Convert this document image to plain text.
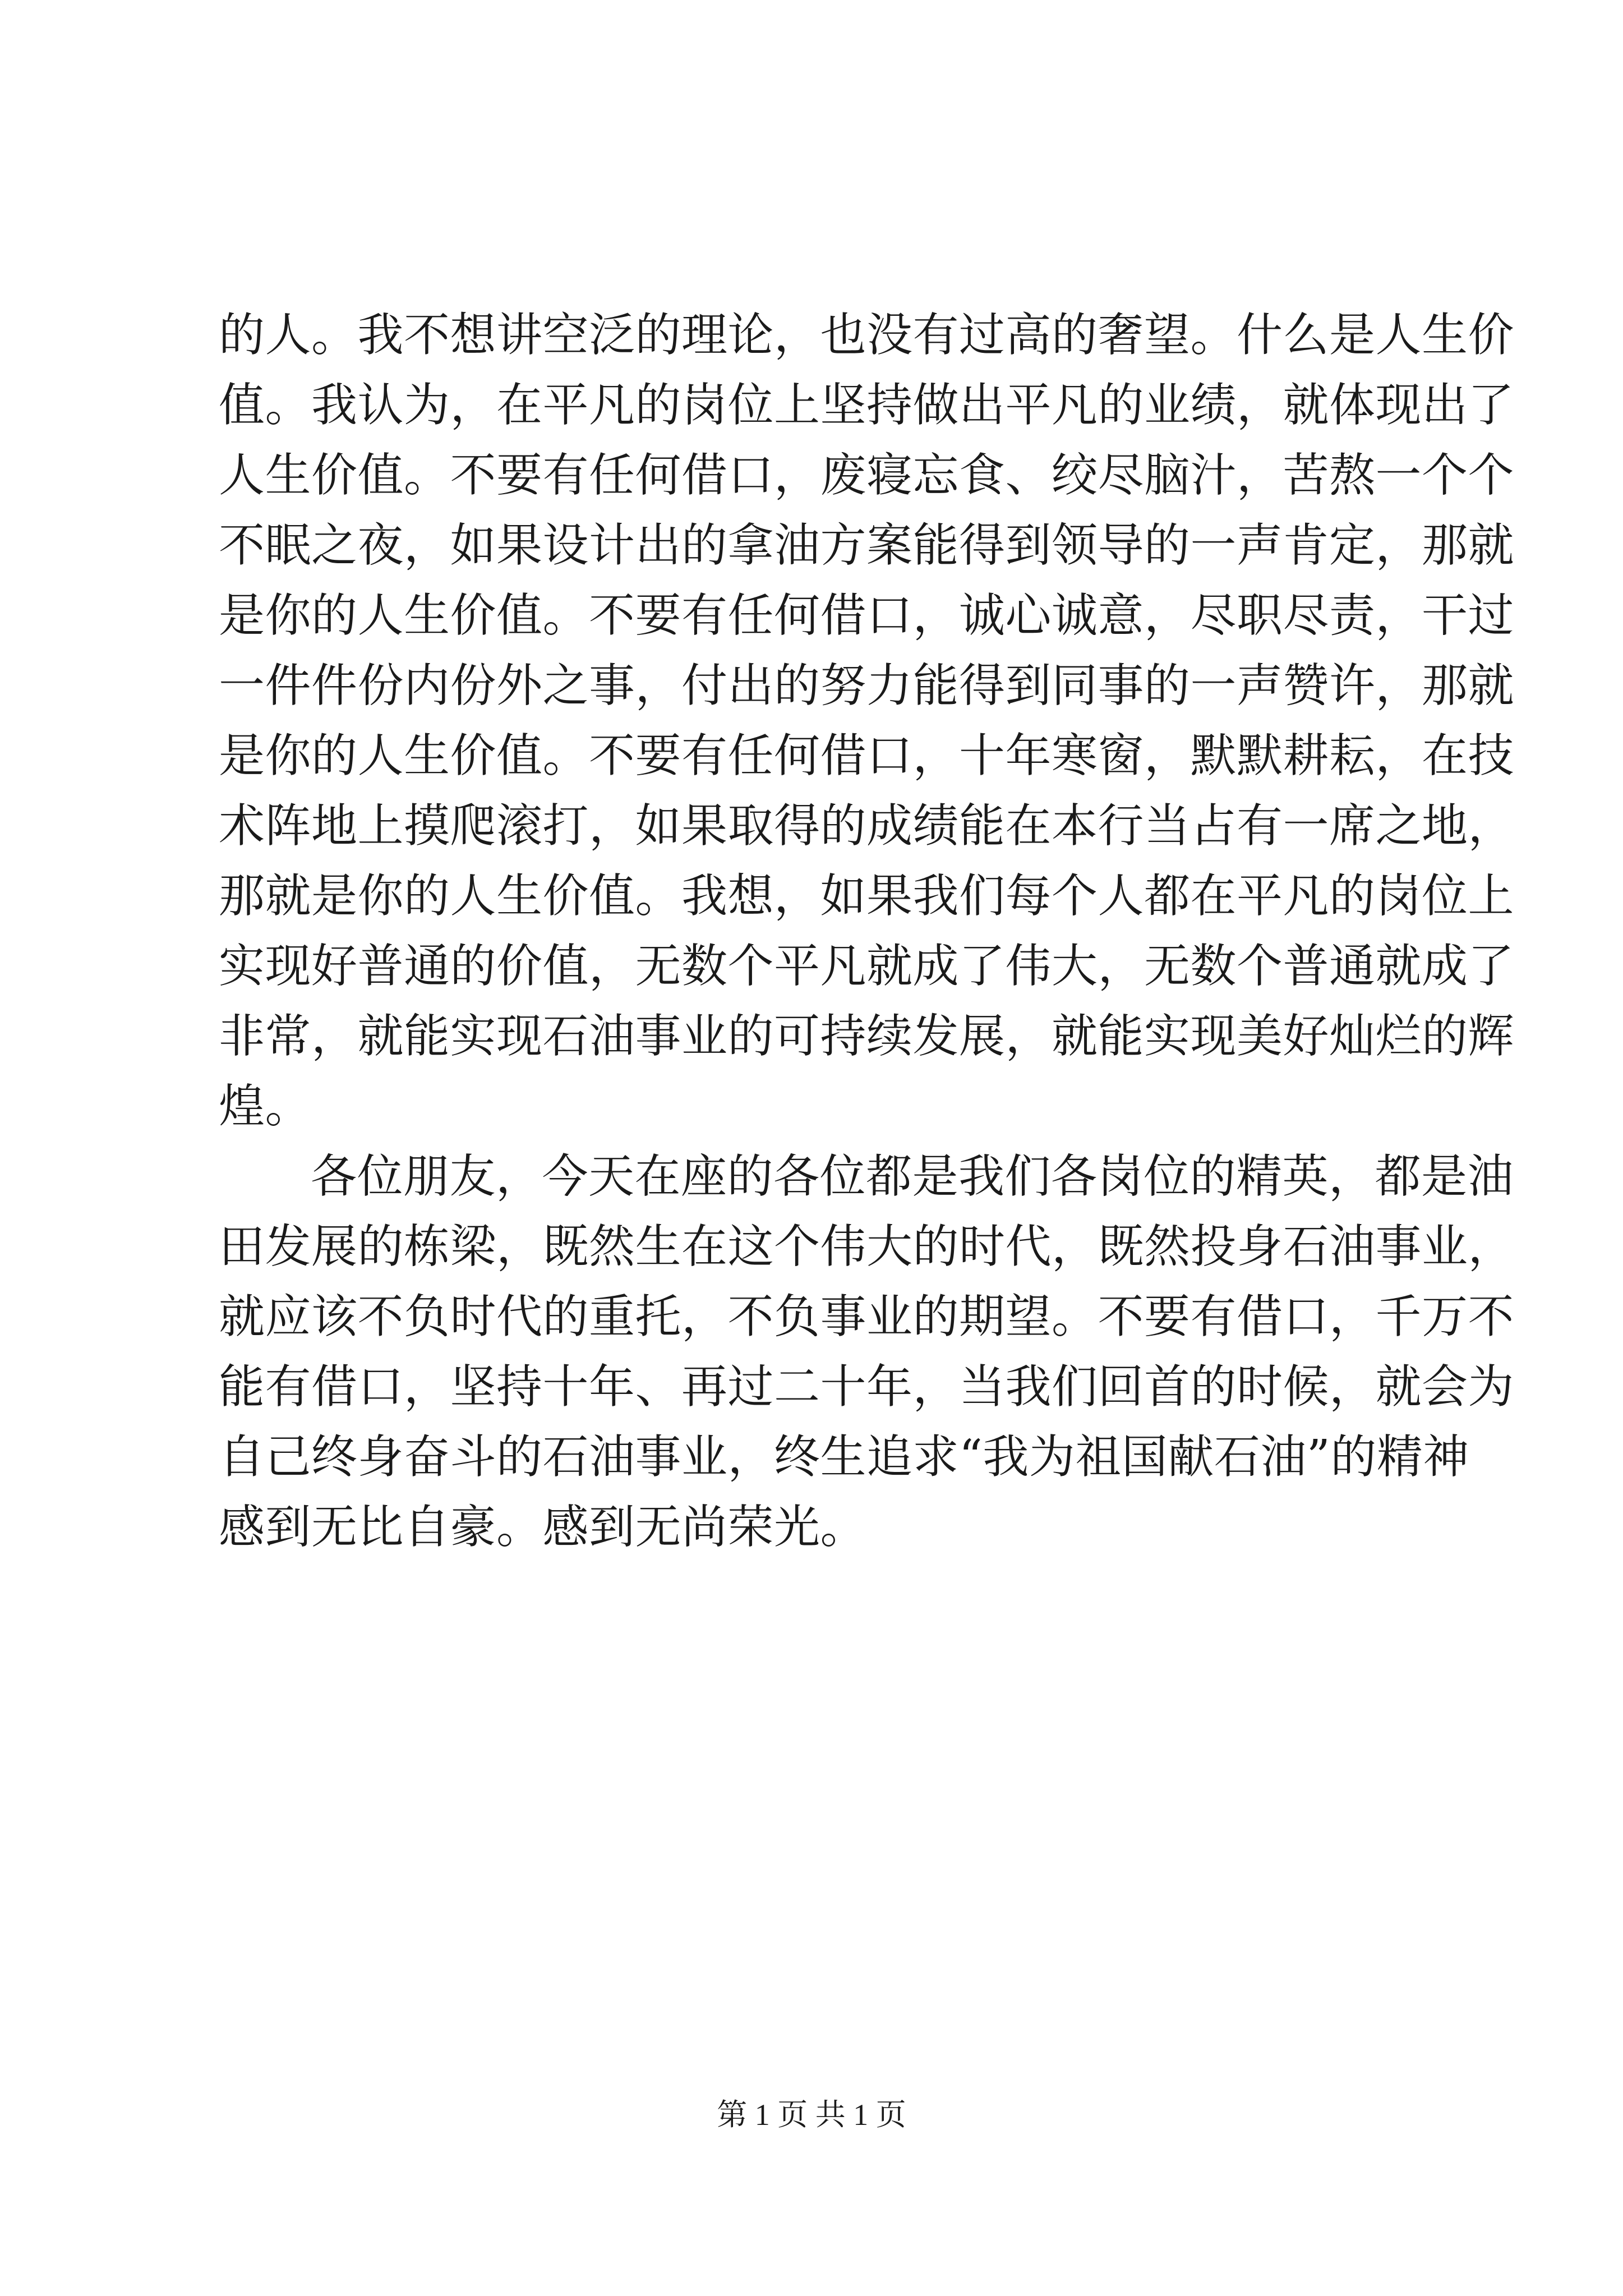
的人。我不想讲空泛的理论，也没有过高的奢望。什么是人生价
值。我认为，在平凡的岗位上坚持做出平凡的业绩，就体现出了
人生价值。不要有任何借口，废寝忘食、绞尽脑汁，苦熬一个个
不眠之夜，如果设计出的拿油方案能得到领导的一声肯定，那就
是你的人生价值。不要有任何借口，诚心诚意，尽职尽责，干过
一件件份内份外之事，付出的努力能得到同事的一声赞许，那就
是你的人生价值。不要有任何借口，十年寒窗，默默耕耘，在技
术阵地上摸爬滚打，如果取得的成绩能在本行当占有一席之地，
那就是你的人生价值。我想，如果我们每个人都在平凡的岗位上
实现好普通的价值，无数个平凡就成了伟大，无数个普通就成了
非常，就能实现石油事业的可持续发展，就能实现美好灿烂的辉
煌。
各位朋友，今天在座的各位都是我们各岗位的精英，都是油
田发展的栋梁，既然生在这个伟大的时代，既然投身石油事业，
就应该不负时代的重托，不负事业的期望。不要有借口，千万不
能有借口，坚持十年、再过二十年，当我们回首的时候，就会为
自己终身奋斗的石油事业，终生追求“我为祖国献石油”的精神
感到无比自豪。感到无尚荣光。
第 1 页 共 1 页
